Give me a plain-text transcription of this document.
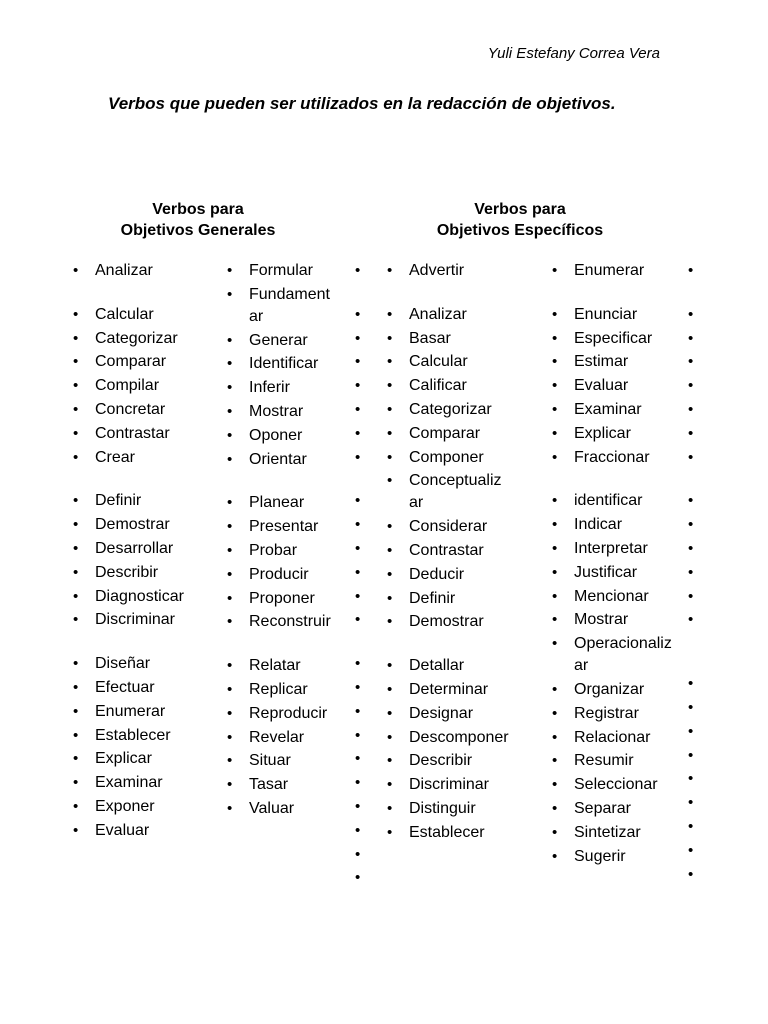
Yuli Estefany Correa Vera
Verbos que pueden ser utilizados en la redacción de objetivos.
Verbos para
Objetivos Generales
Verbos para
Objetivos Específicos
• Analizar
• Calcular
• Categorizar
• Comparar
• Compilar
• Concretar
• Contrastar
• Crear
• Definir
• Demostrar
• Desarrollar
• Describir
• Diagnosticar
• Discriminar
• Diseñar
• Efectuar
• Enumerar
• Establecer
• Explicar
• Examinar
• Exponer
• Evaluar
• Formular
• Fundament
ar
• Generar
• Identificar
• Inferir
• Mostrar
• Oponer
• Orientar
• Planear
• Presentar
• Probar
• Producir
• Proponer
• Reconstruir
• Relatar
• Replicar
• Reproducir
• Revelar
• Situar
• Tasar
• Valuar
•
•
•
•
•
•
•
•
•
•
•
•
•
•
•
•
•
•
•
•
•
•
•
•
• Advertir
• Analizar
• Basar
• Calcular
• Calificar
• Categorizar
• Comparar
• Componer
• Conceptualiz
ar
• Considerar
• Contrastar
• Deducir
• Definir
• Demostrar
• Detallar
• Determinar
• Designar
• Descomponer
• Describir
• Discriminar
• Distinguir
• Establecer
• Enumerar
• Enunciar
• Especificar
• Estimar
• Evaluar
• Examinar
• Explicar
• Fraccionar
• identificar
• Indicar
• Interpretar
• Justificar
• Mencionar
• Mostrar
• Operacionaliz
ar
• Organizar
• Registrar
• Relacionar
• Resumir
• Seleccionar
• Separar
• Sintetizar
• Sugerir
•
•
•
•
•
•
•
•
•
•
•
•
•
•
•
•
•
•
•
•
•
•
•
